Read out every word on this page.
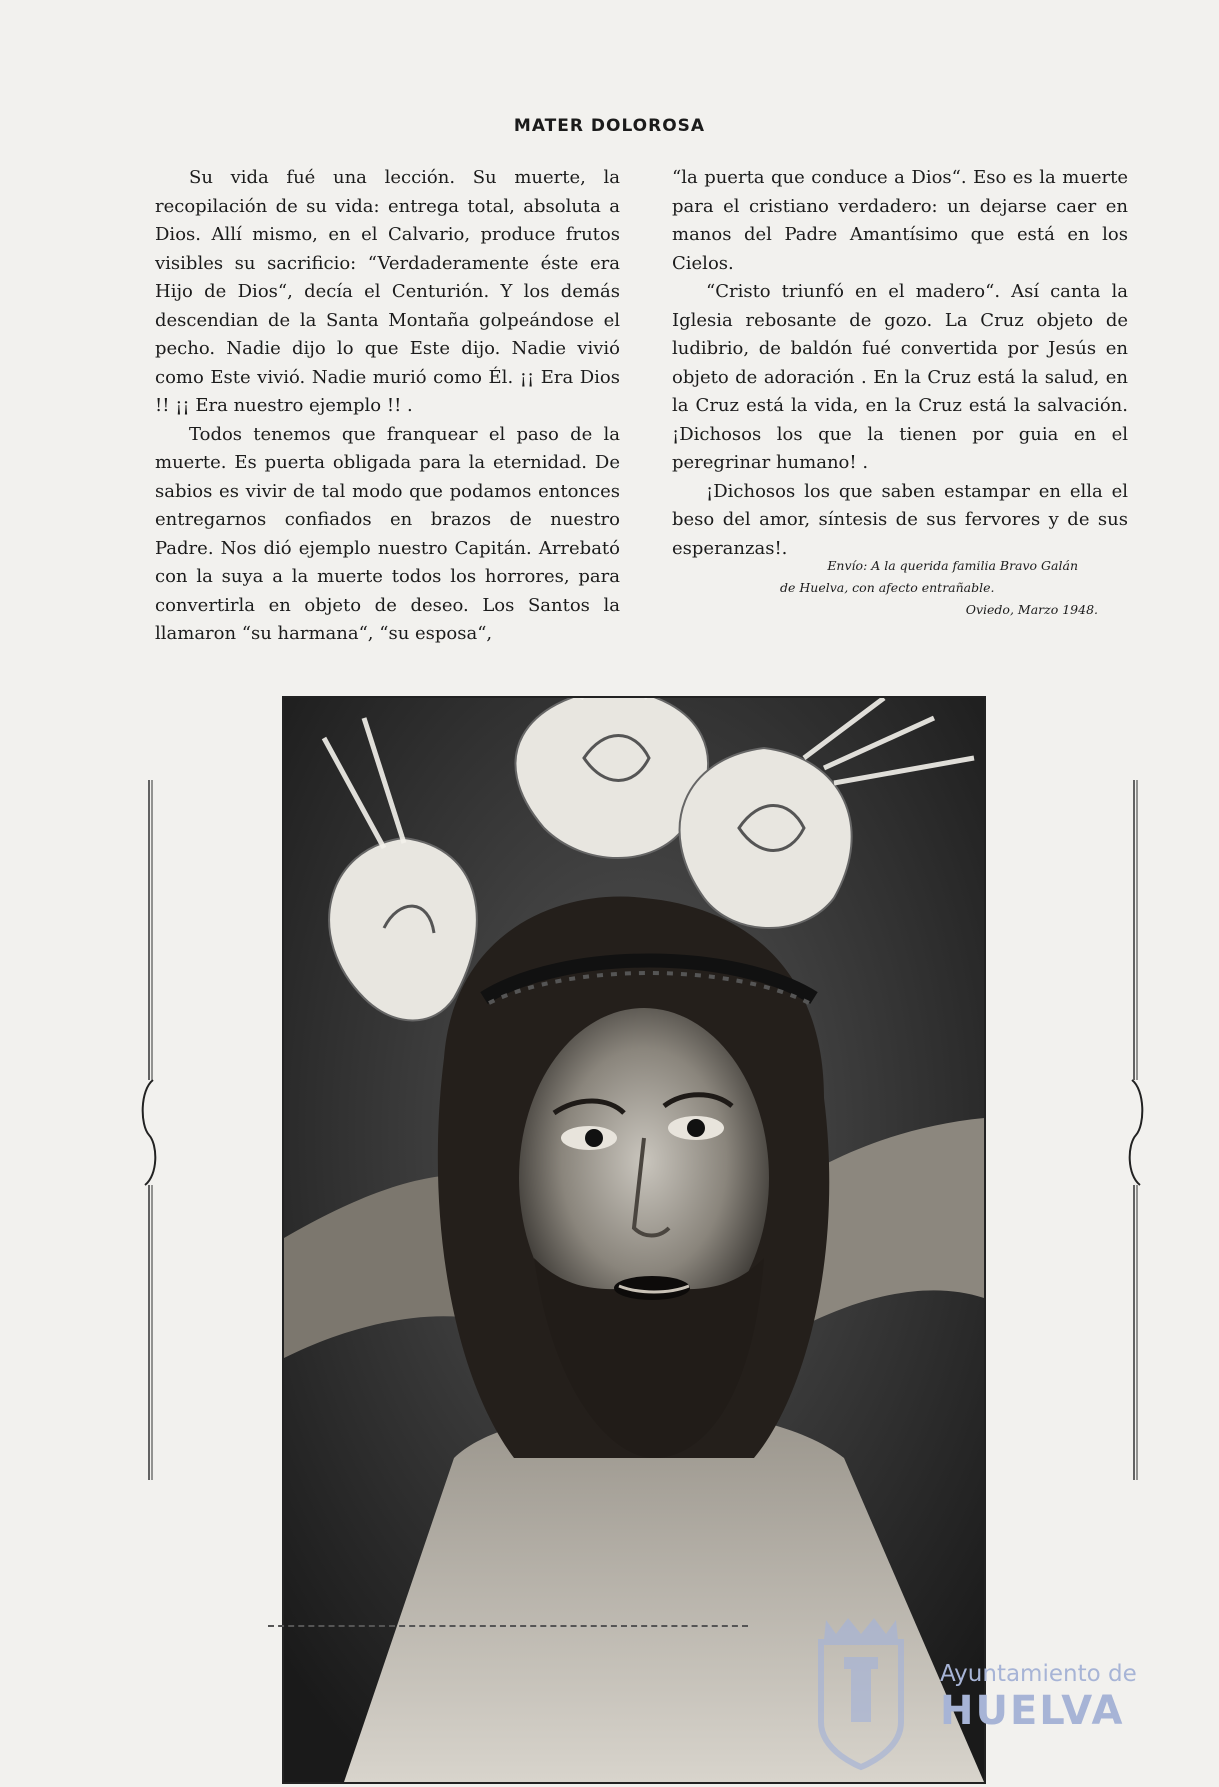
MATER DOLOROSA

Su vida fué una lección. Su muerte, la recopilación de su vida: entrega total, absoluta a Dios. Allí mismo, en el Calvario, produce frutos visibles su sacrificio: “Verdaderamente éste era Hijo de Dios“, decía el Centurión. Y los demás descendian de la Santa Montaña golpeándose el pecho. Nadie dijo lo que Este dijo. Nadie vivió como Este vivió. Nadie murió como Él. ¡¡ Era Dios !! ¡¡ Era nuestro ejemplo !! .

Todos tenemos que franquear el paso de la muerte. Es puerta obligada para la eternidad. De sabios es vivir de tal modo que podamos entonces entregarnos confiados en brazos de nuestro Padre. Nos dió ejemplo nuestro Capitán. Arrebató con la suya a la muerte todos los horrores, para convertirla en objeto de deseo. Los Santos la llamaron “su harmana“, “su esposa“,

“la puerta que conduce a Dios“. Eso es la muerte para el cristiano verdadero: un dejarse caer en manos del Padre Amantísimo que está en los Cielos.

“Cristo triunfó en el madero“. Así canta la Iglesia rebosante de gozo. La Cruz objeto de ludibrio, de baldón fué convertida por Jesús en objeto de adoración . En la Cruz está la salud, en la Cruz está la vida, en la Cruz está la salvación. ¡Dichosos los que la tienen por guia en el peregrinar humano! .

¡Dichosos los que saben estampar en ella el beso del amor, síntesis de sus fervores y de sus esperanzas!.

Envío: A la querida familia Bravo Galán
de Huelva, con afecto entrañable.
Oviedo, Marzo 1948.
Ayuntamiento de
HUELVA
